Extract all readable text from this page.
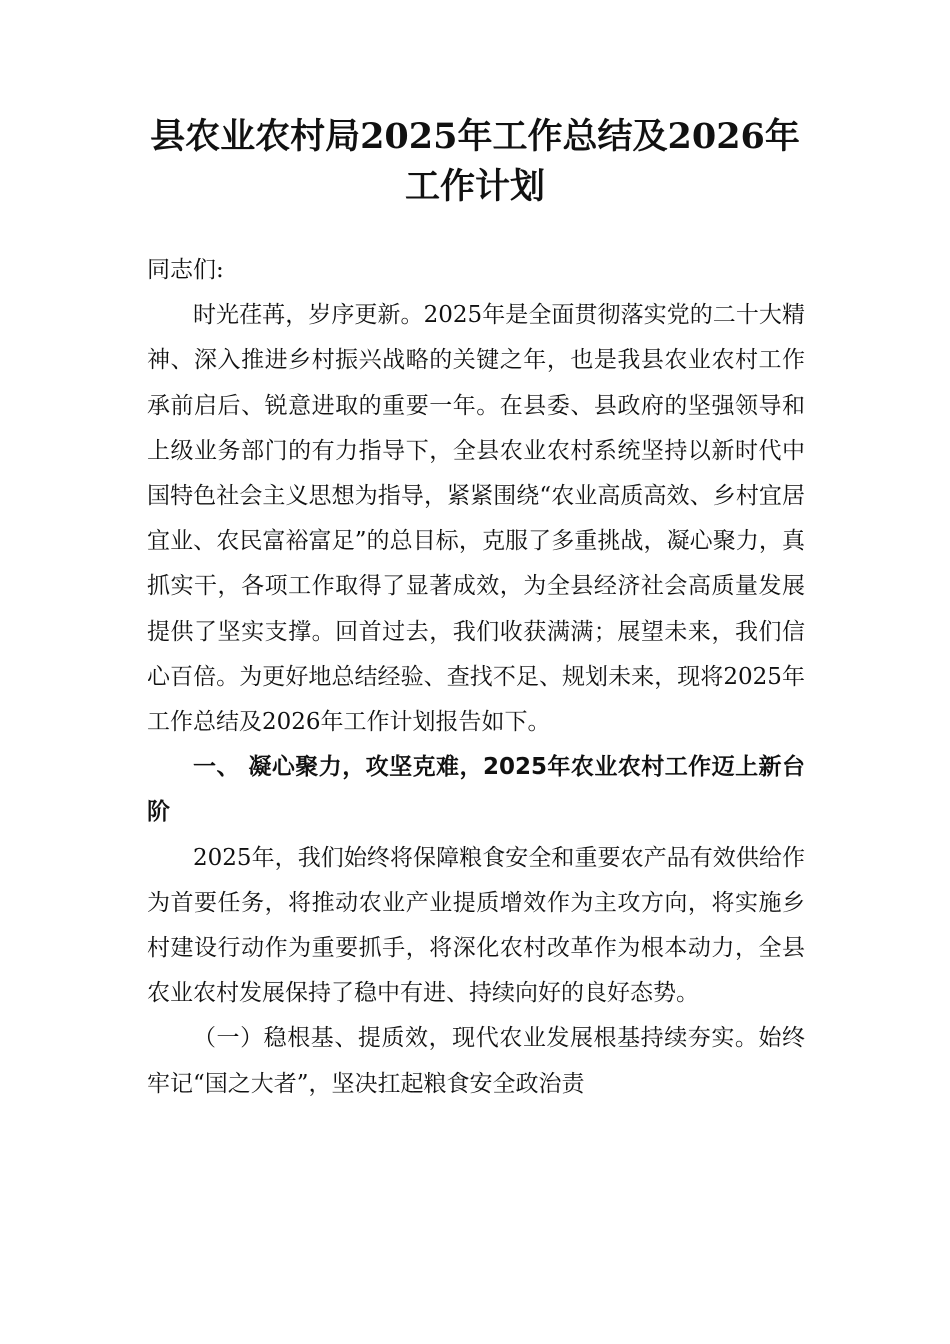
县农业农村局2025年工作总结及2026年工作计划

同志们:

时光荏苒，岁序更新。2025年是全面贯彻落实党的二十大精神、深入推进乡村振兴战略的关键之年，也是我县农业农村工作承前启后、锐意进取的重要一年。在县委、县政府的坚强领导和上级业务部门的有力指导下，全县农业农村系统坚持以新时代中国特色社会主义思想为指导，紧紧围绕“农业高质高效、乡村宜居宜业、农民富裕富足”的总目标，克服了多重挑战，凝心聚力，真抓实干，各项工作取得了显著成效，为全县经济社会高质量发展提供了坚实支撑。回首过去，我们收获满满；展望未来，我们信心百倍。为更好地总结经验、查找不足、规划未来，现将2025年工作总结及2026年工作计划报告如下。

一、 凝心聚力，攻坚克难，2025年农业农村工作迈上新台阶

2025年，我们始终将保障粮食安全和重要农产品有效供给作为首要任务，将推动农业产业提质增效作为主攻方向，将实施乡村建设行动作为重要抓手，将深化农村改革作为根本动力，全县农业农村发展保持了稳中有进、持续向好的良好态势。

（一）稳根基、提质效，现代农业发展根基持续夯实。始终牢记“国之大者”，坚决扛起粮食安全政治责
